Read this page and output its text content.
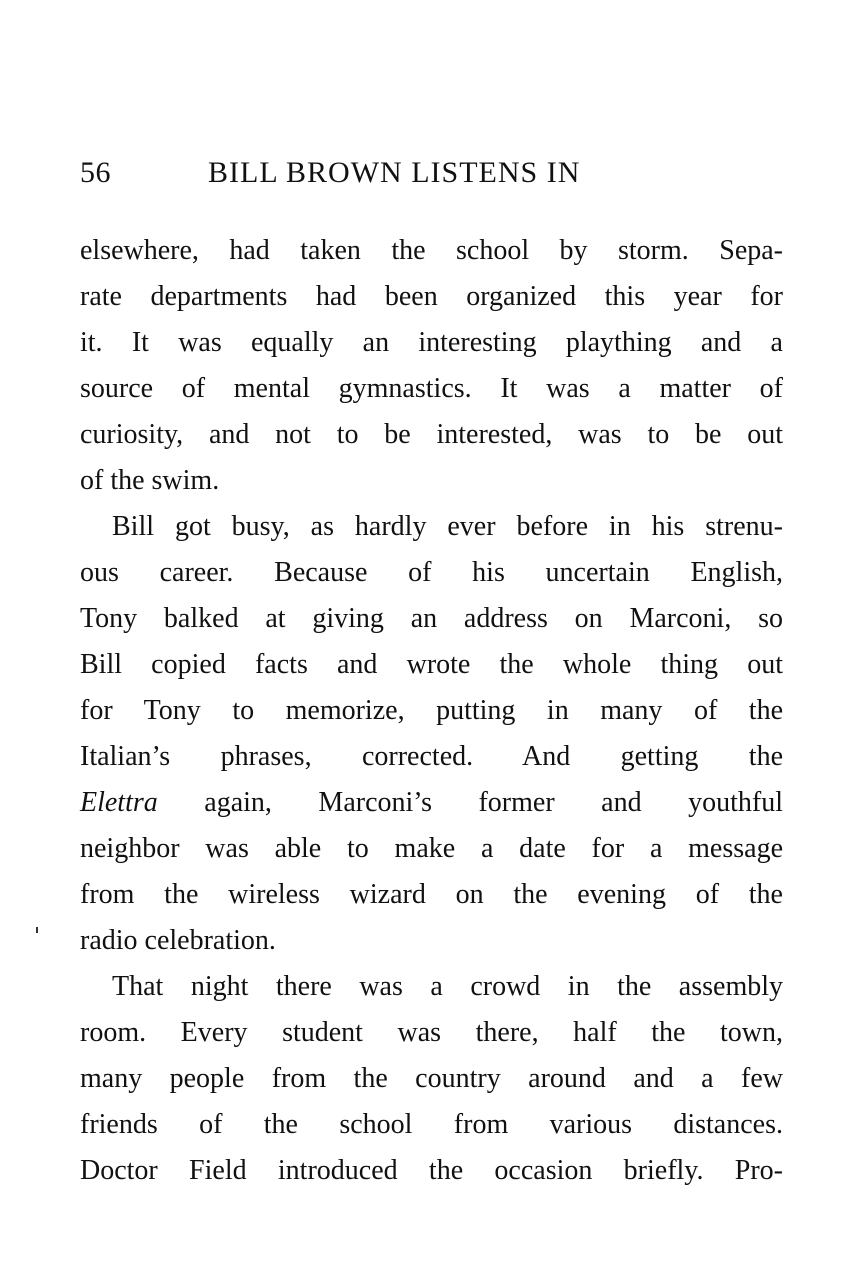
56	BILL BROWN LISTENS IN
elsewhere, had taken the school by storm. Sepa-
rate departments had been organized this year for
it. It was equally an interesting plaything and a
source of mental gymnastics. It was a matter of
curiosity, and not to be interested, was to be out
of the swim.
Bill got busy, as hardly ever before in his strenu-
ous career. Because of his uncertain English,
Tony balked at giving an address on Marconi, so
Bill copied facts and wrote the whole thing out
for Tony to memorize, putting in many of the
Italian’s phrases, corrected. And getting the
Elettra again, Marconi’s former and youthful
neighbor was able to make a date for a message
from the wireless wizard on the evening of the
radio celebration.
That night there was a crowd in the assembly
room. Every student was there, half the town,
many people from the country around and a few
friends of the school from various distances.
Doctor Field introduced the occasion briefly. Pro-
